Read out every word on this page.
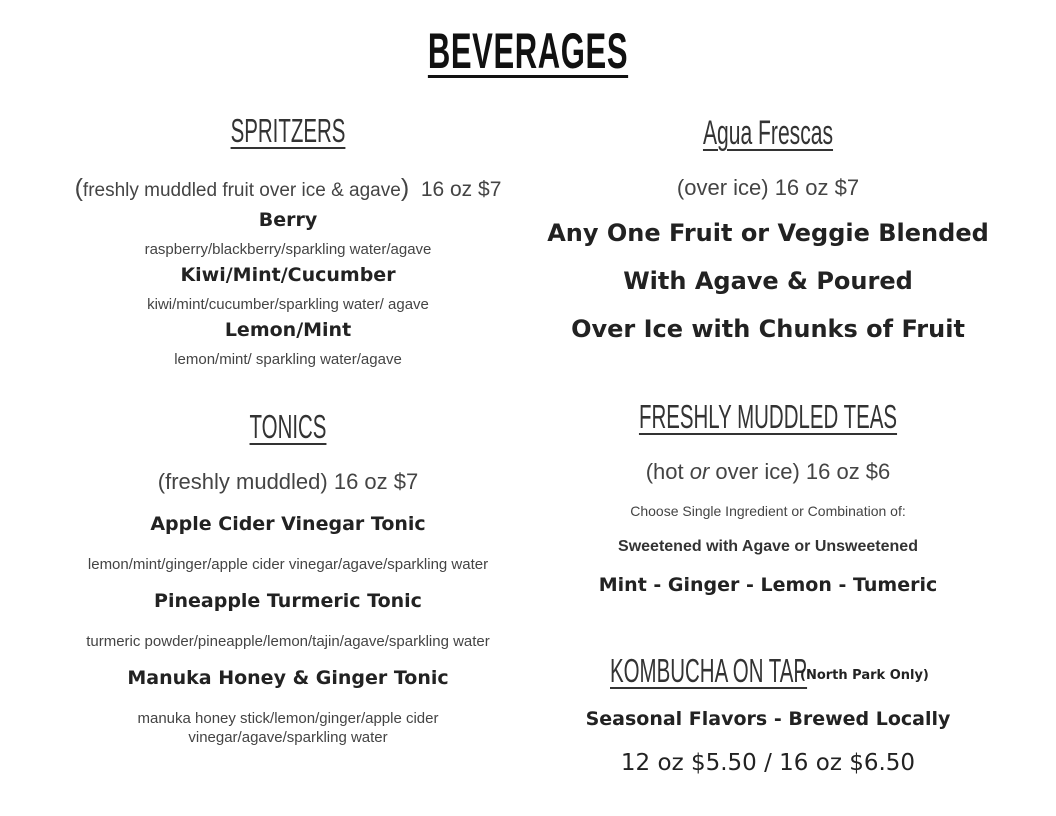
BEVERAGES
SPRITZERS
(freshly muddled fruit over ice & agave) 16 oz $7
Berry
raspberry/blackberry/sparkling water/agave
Kiwi/Mint/Cucumber
kiwi/mint/cucumber/sparkling water/ agave
Lemon/Mint
lemon/mint/ sparkling water/agave
TONICS
(freshly muddled) 16 oz $7
Apple Cider Vinegar Tonic
lemon/mint/ginger/apple cider vinegar/agave/sparkling water
Pineapple Turmeric Tonic
turmeric powder/pineapple/lemon/tajin/agave/sparkling water
Manuka Honey & Ginger Tonic
manuka honey stick/lemon/ginger/apple cider
vinegar/agave/sparkling water
Agua Frescas
(over ice) 16 oz $7
Any One Fruit or Veggie Blended
With Agave & Poured
Over Ice with Chunks of Fruit
FRESHLY MUDDLED TEAS
(hot or over ice) 16 oz $6
Choose Single Ingredient or Combination of:
Sweetened with Agave or Unsweetened
Mint - Ginger - Lemon - Tumeric
KOMBUCHA ON TAP
(North Park Only)
Seasonal Flavors - Brewed Locally
12 oz $5.50 / 16 oz $6.50
